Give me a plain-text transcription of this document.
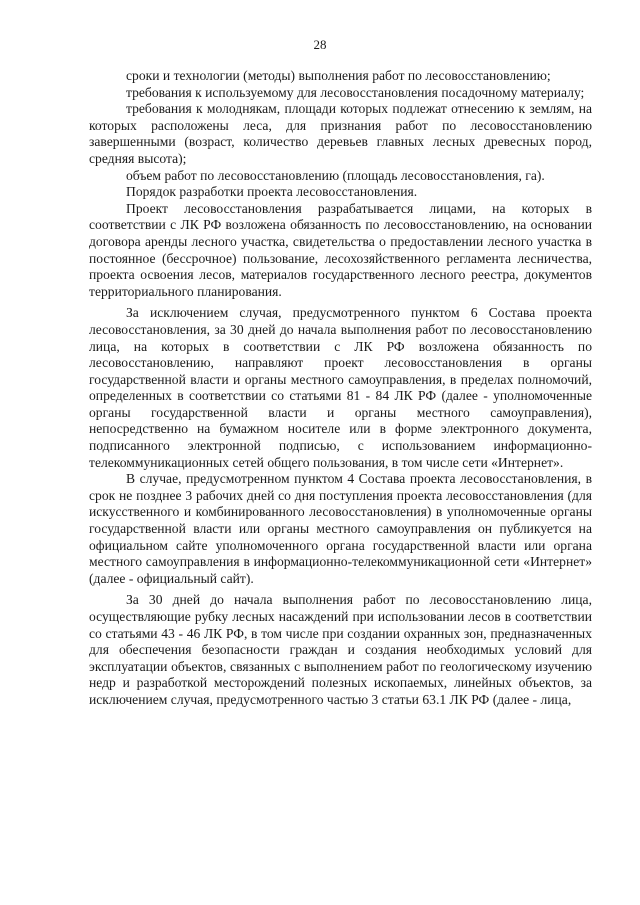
28

сроки и технологии (методы) выполнения работ по лесовосстановлению;

требования к используемому для лесовосстановления посадочному материалу;

требования к молоднякам, площади которых подлежат отнесению к землям, на которых расположены леса, для признания работ по лесовосстановлению завершенными (возраст, количество деревьев главных лесных древесных пород, средняя высота);

объем работ по лесовосстановлению (площадь лесовосстановления, га).

Порядок разработки проекта лесовосстановления.

Проект лесовосстановления разрабатывается лицами, на которых в соответствии с ЛК РФ возложена обязанность по лесовосстановлению, на основании договора аренды лесного участка, свидетельства о предоставлении лесного участка в постоянное (бессрочное) пользование, лесохозяйственного регламента лесничества, проекта освоения лесов, материалов государственного лесного реестра, документов территориального планирования.

За исключением случая, предусмотренного пунктом 6 Состава проекта лесовосстановления, за 30 дней до начала выполнения работ по лесовосстановлению лица, на которых в соответствии с ЛК РФ возложена обязанность по лесовосстановлению, направляют проект лесовосстановления в органы государственной власти и органы местного самоуправления, в пределах полномочий, определенных в соответствии со статьями 81 - 84 ЛК РФ (далее - уполномоченные органы государственной власти и органы местного самоуправления), непосредственно на бумажном носителе или в форме электронного документа, подписанного электронной подписью, с использованием информационно-телекоммуникационных сетей общего пользования, в том числе сети «Интернет».

В случае, предусмотренном пунктом 4 Состава проекта лесовосстановления, в срок не позднее 3 рабочих дней со дня поступления проекта лесовосстановления (для искусственного и комбинированного лесовосстановления) в уполномоченные органы государственной власти или органы местного самоуправления он публикуется на официальном сайте уполномоченного органа государственной власти или органа местного самоуправления в информационно-телекоммуникационной сети «Интернет» (далее - официальный сайт).

За 30 дней до начала выполнения работ по лесовосстановлению лица, осуществляющие рубку лесных насаждений при использовании лесов в соответствии со статьями 43 - 46 ЛК РФ, в том числе при создании охранных зон, предназначенных для обеспечения безопасности граждан и создания необходимых условий для эксплуатации объектов, связанных с выполнением работ по геологическому изучению недр и разработкой месторождений полезных ископаемых, линейных объектов, за исключением случая, предусмотренного частью 3 статьи 63.1 ЛК РФ (далее - лица,
